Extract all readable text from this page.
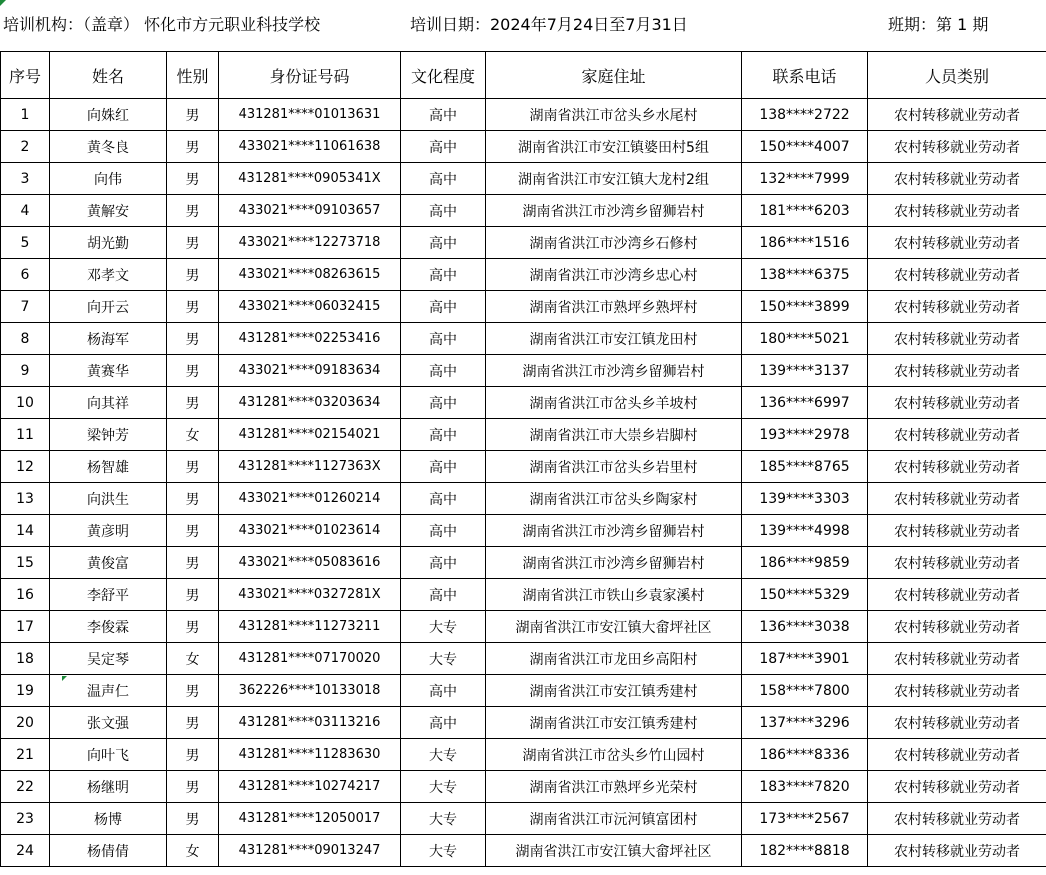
培训机构：（盖章） 怀化市方元职业科技学校	培训日期：2024年7月24日至7月31日	班期：第 1 期
序号	姓名	性别	身份证号码	文化程度	家庭住址	联系电话	人员类别
1	向姝红	男	431281****01013631	高中	湖南省洪江市岔头乡水尾村	138****2722	农村转移就业劳动者
2	黄冬良	男	433021****11061638	高中	湖南省洪江市安江镇婆田村5组	150****4007	农村转移就业劳动者
3	向伟	男	431281****0905341X	高中	湖南省洪江市安江镇大龙村2组	132****7999	农村转移就业劳动者
4	黄解安	男	433021****09103657	高中	湖南省洪江市沙湾乡留狮岩村	181****6203	农村转移就业劳动者
5	胡光勤	男	433021****12273718	高中	湖南省洪江市沙湾乡石修村	186****1516	农村转移就业劳动者
6	邓孝文	男	433021****08263615	高中	湖南省洪江市沙湾乡忠心村	138****6375	农村转移就业劳动者
7	向开云	男	433021****06032415	高中	湖南省洪江市熟坪乡熟坪村	150****3899	农村转移就业劳动者
8	杨海军	男	431281****02253416	高中	湖南省洪江市安江镇龙田村	180****5021	农村转移就业劳动者
9	黄赛华	男	433021****09183634	高中	湖南省洪江市沙湾乡留狮岩村	139****3137	农村转移就业劳动者
10	向其祥	男	431281****03203634	高中	湖南省洪江市岔头乡羊坡村	136****6997	农村转移就业劳动者
11	梁钟芳	女	431281****02154021	高中	湖南省洪江市大崇乡岩脚村	193****2978	农村转移就业劳动者
12	杨智雄	男	431281****1127363X	高中	湖南省洪江市岔头乡岩里村	185****8765	农村转移就业劳动者
13	向洪生	男	433021****01260214	高中	湖南省洪江市岔头乡陶家村	139****3303	农村转移就业劳动者
14	黄彦明	男	433021****01023614	高中	湖南省洪江市沙湾乡留狮岩村	139****4998	农村转移就业劳动者
15	黄俊富	男	433021****05083616	高中	湖南省洪江市沙湾乡留狮岩村	186****9859	农村转移就业劳动者
16	李舒平	男	433021****0327281X	高中	湖南省洪江市铁山乡袁家溪村	150****5329	农村转移就业劳动者
17	李俊霖	男	431281****11273211	大专	湖南省洪江市安江镇大畲坪社区	136****3038	农村转移就业劳动者
18	吴定琴	女	431281****07170020	大专	湖南省洪江市龙田乡高阳村	187****3901	农村转移就业劳动者
19	温声仁	男	362226****10133018	高中	湖南省洪江市安江镇秀建村	158****7800	农村转移就业劳动者
20	张文强	男	431281****03113216	高中	湖南省洪江市安江镇秀建村	137****3296	农村转移就业劳动者
21	向叶飞	男	431281****11283630	大专	湖南省洪江市岔头乡竹山园村	186****8336	农村转移就业劳动者
22	杨继明	男	431281****10274217	大专	湖南省洪江市熟坪乡光荣村	183****7820	农村转移就业劳动者
23	杨博	男	431281****12050017	大专	湖南省洪江市沅河镇富团村	173****2567	农村转移就业劳动者
24	杨倩倩	女	431281****09013247	大专	湖南省洪江市安江镇大畲坪社区	182****8818	农村转移就业劳动者
